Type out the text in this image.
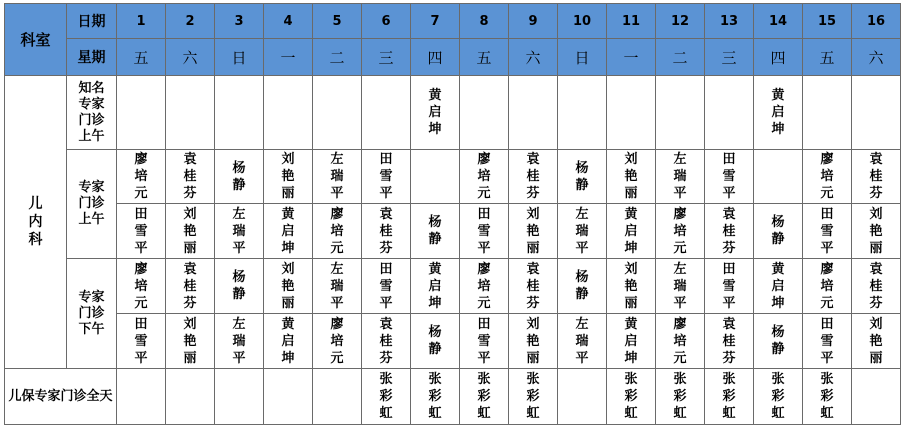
科室	日期	1	2	3	4	5	6	7	8	9	10	11	12	13	14	15	16
	星期	五	六	日	一	二	三	四	五	六	日	一	二	三	四	五	六
儿内科	知名专家门诊上午							黄启坤							黄启坤		
	专家门诊上午	廖培元	袁桂芬	杨静	刘艳丽	左瑞平	田雪平		廖培元	袁桂芬	杨静	刘艳丽	左瑞平	田雪平		廖培元	袁桂芬
		田雪平	刘艳丽	左瑞平	黄启坤	廖培元	袁桂芬	杨静	田雪平	刘艳丽	左瑞平	黄启坤	廖培元	袁桂芬	杨静	田雪平	刘艳丽
	专家门诊下午	廖培元	袁桂芬	杨静	刘艳丽	左瑞平	田雪平	黄启坤	廖培元	袁桂芬	杨静	刘艳丽	左瑞平	田雪平	黄启坤	廖培元	袁桂芬
		田雪平	刘艳丽	左瑞平	黄启坤	廖培元	袁桂芬	杨静	田雪平	刘艳丽	左瑞平	黄启坤	廖培元	袁桂芬	杨静	田雪平	刘艳丽
儿保专家门诊全天							张彩虹	张彩虹	张彩虹	张彩虹		张彩虹	张彩虹	张彩虹	张彩虹	张彩虹	
